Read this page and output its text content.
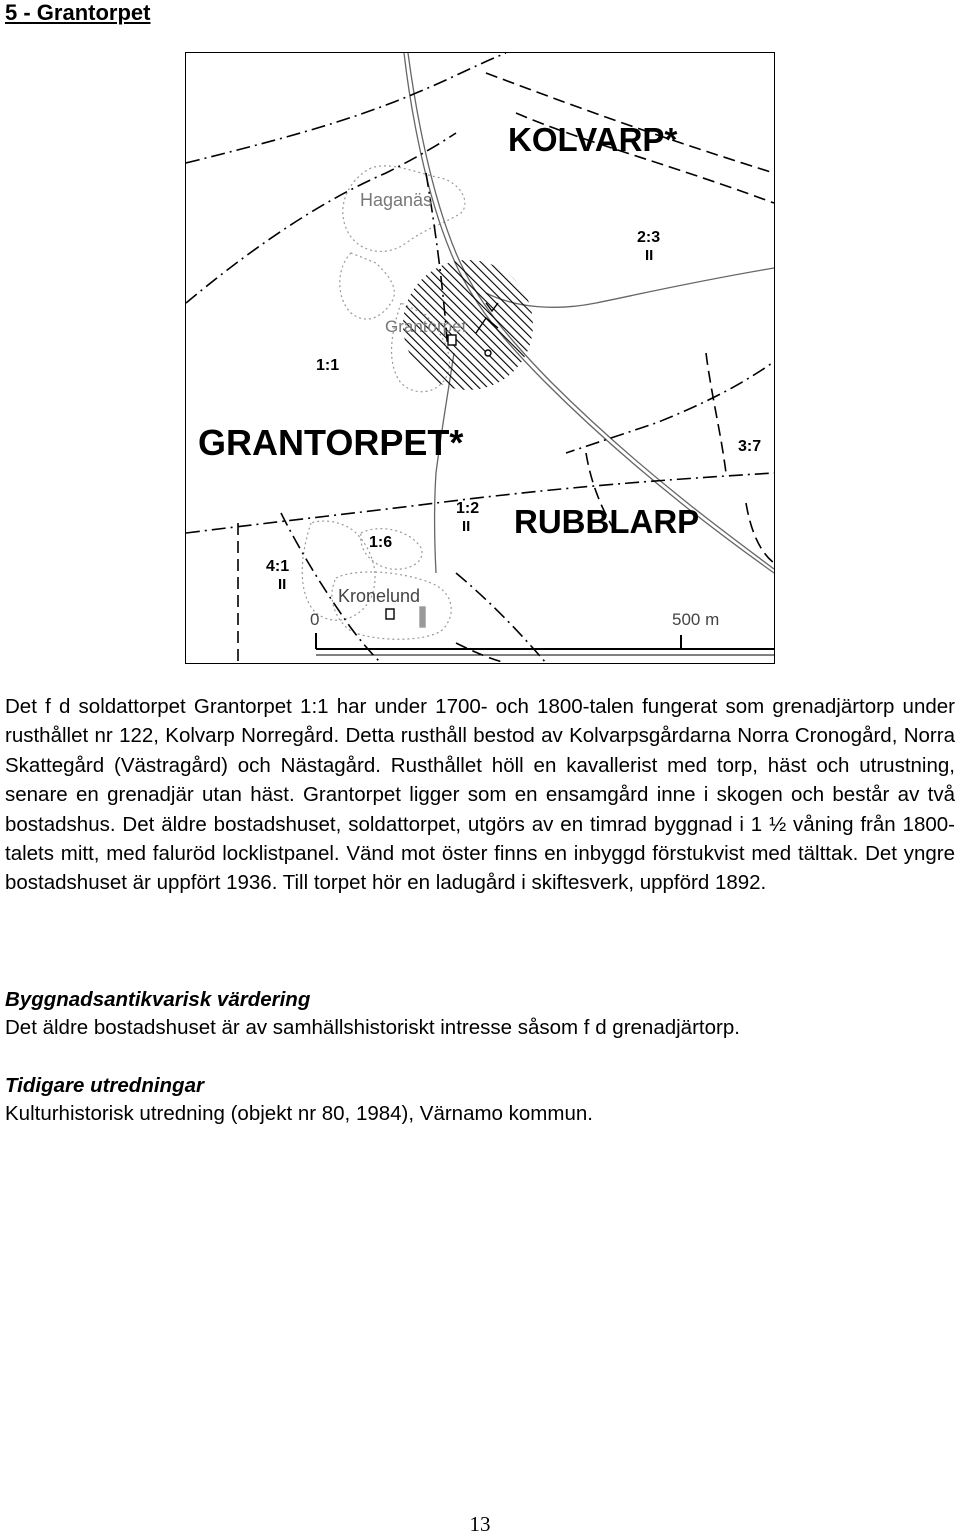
5 - Grantorpet
KOLVARP*
Haganäs
2:3
II
Grantorpet
1:1
GRANTORPET*	3:7
1:2
II RUBBLARP
1:6
4:1
II
Kronelund
0	500 m
Det f d soldattorpet Grantorpet 1:1 har under 1700- och 1800-talen fungerat som grenadjärtorp under rusthållet nr 122, Kolvarp Norregård. Detta rusthåll bestod av Kolvarpsgårdarna Norra Cronogård, Norra Skattegård (Västragård) och Nästagård. Rusthållet höll en kavallerist med torp, häst och utrustning, senare en grenadjär utan häst. Grantorpet ligger som en ensamgård inne i skogen och består av två bostadshus. Det äldre bostadshuset, soldattorpet, utgörs av en timrad byggnad i 1 ½ våning från 1800-talets mitt, med faluröd locklistpanel. Vänd mot öster finns en inbyggd förstukvist med tälttak. Det yngre bostadshuset är uppfört 1936. Till torpet hör en ladugård i skiftesverk, uppförd 1892.
Byggnadsantikvarisk värdering
Det äldre bostadshuset är av samhällshistoriskt intresse såsom f d grenadjärtorp.
Tidigare utredningar
Kulturhistorisk utredning (objekt nr 80, 1984), Värnamo kommun.
13
